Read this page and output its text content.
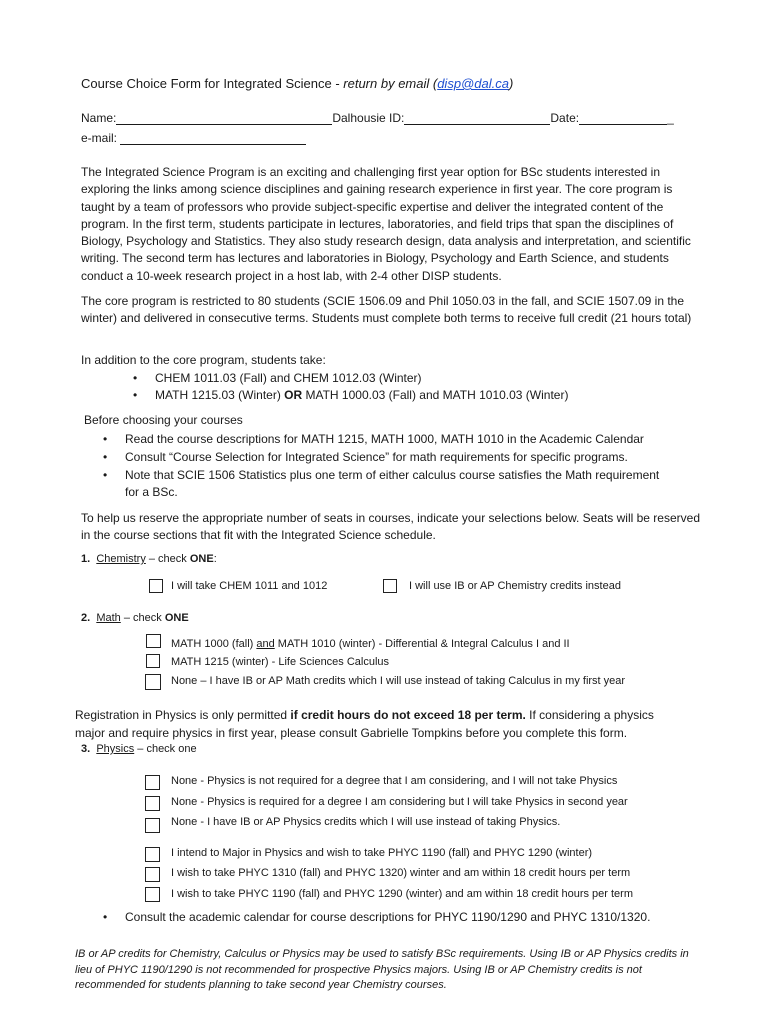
Course Choice Form for Integrated Science - return by email (disp@dal.ca)
Name:	Dalhousie ID:	Date:	_
e-mail:
The Integrated Science Program is an exciting and challenging first year option for BSc students interested in exploring the links among science disciplines and gaining research experience in first year. The core program is taught by a team of professors who provide subject-specific expertise and deliver the integrated content of the program. In the first term, students participate in lectures, laboratories, and field trips that span the disciplines of Biology, Psychology and Statistics. They also study research design, data analysis and interpretation, and scientific writing. The second term has lectures and laboratories in Biology, Psychology and Earth Science, and students conduct a 10-week research project in a host lab, with 2-4 other DISP students.
The core program is restricted to 80 students (SCIE 1506.09 and Phil 1050.03 in the fall, and SCIE 1507.09 in the winter) and delivered in consecutive terms. Students must complete both terms to receive full credit (21 hours total)
In addition to the core program, students take:
• CHEM 1011.03 (Fall) and CHEM 1012.03 (Winter)
• MATH 1215.03 (Winter) OR MATH 1000.03 (Fall) and MATH 1010.03 (Winter)
Before choosing your courses
• Read the course descriptions for MATH 1215, MATH 1000, MATH 1010 in the Academic Calendar
• Consult “Course Selection for Integrated Science” for math requirements for specific programs.
• Note that SCIE 1506 Statistics plus one term of either calculus course satisfies the Math requirement
for a BSc.
To help us reserve the appropriate number of seats in courses, indicate your selections below. Seats will be reserved in the course sections that fit with the Integrated Science schedule.
1. Chemistry – check ONE:
I will take CHEM 1011 and 1012	I will use IB or AP Chemistry credits instead
2. Math – check ONE
MATH 1000 (fall) and MATH 1010 (winter) - Differential & Integral Calculus I and II
MATH 1215 (winter) - Life Sciences Calculus
None – I have IB or AP Math credits which I will use instead of taking Calculus in my first year
Registration in Physics is only permitted if credit hours do not exceed 18 per term. If considering a physics
major and require physics in first year, please consult Gabrielle Tompkins before you complete this form.
3. Physics – check one
None - Physics is not required for a degree that I am considering, and I will not take Physics
None - Physics is required for a degree I am considering but I will take Physics in second year
None - I have IB or AP Physics credits which I will use instead of taking Physics.
I intend to Major in Physics and wish to take PHYC 1190 (fall) and PHYC 1290 (winter)
I wish to take PHYC 1310 (fall) and PHYC 1320) winter and am within 18 credit hours per term
I wish to take PHYC 1190 (fall) and PHYC 1290 (winter) and am within 18 credit hours per term
• Consult the academic calendar for course descriptions for PHYC 1190/1290 and PHYC 1310/1320.
IB or AP credits for Chemistry, Calculus or Physics may be used to satisfy BSc requirements. Using IB or AP Physics credits in lieu of PHYC 1190/1290 is not recommended for prospective Physics majors. Using IB or AP Chemistry credits is not recommended for students planning to take second year Chemistry courses.
